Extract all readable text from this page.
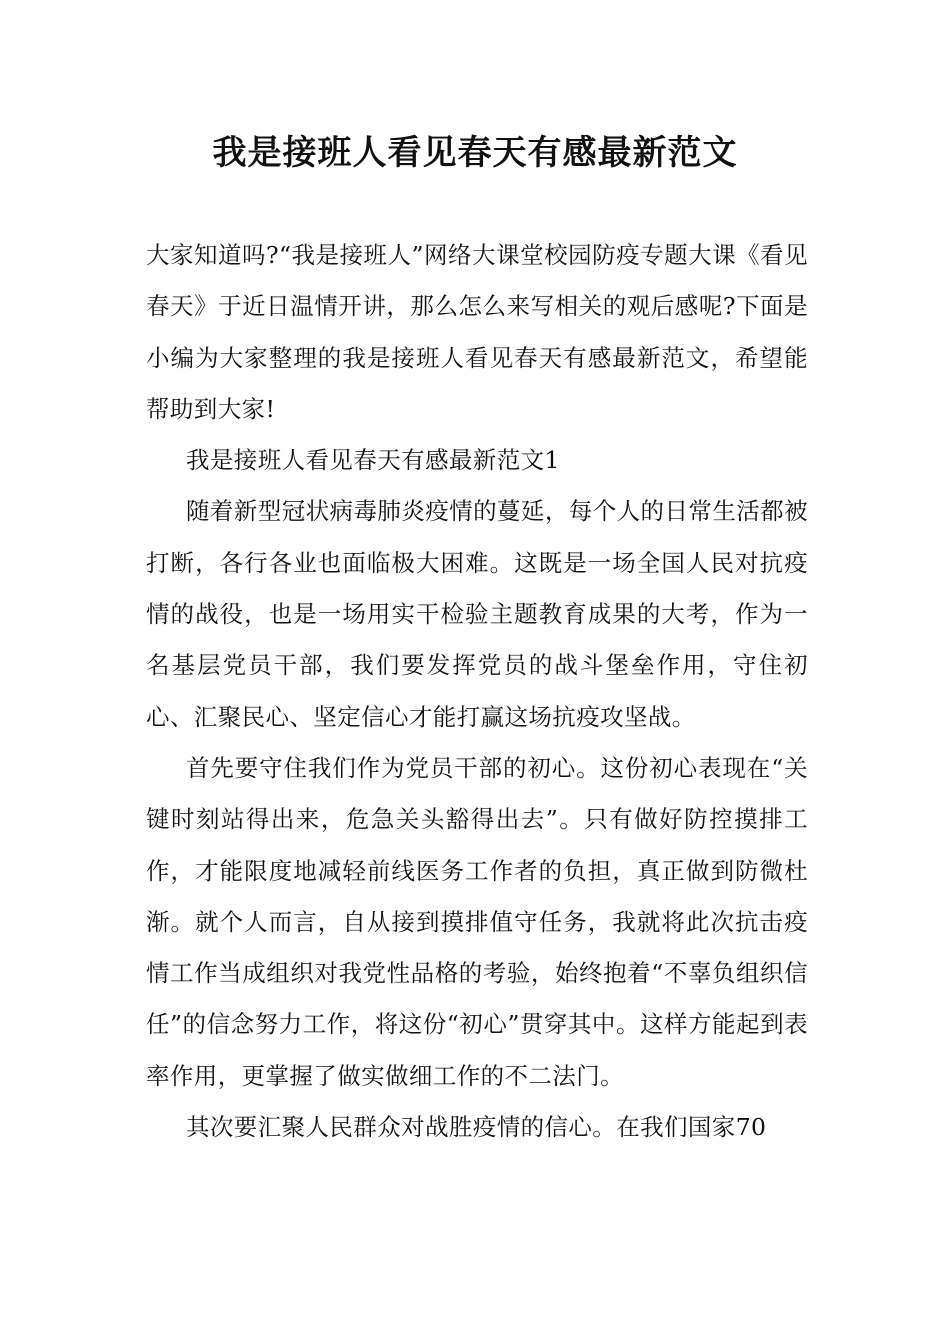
我是接班人看见春天有感最新范文

大家知道吗?“我是接班人”网络大课堂校园防疫专题大课《看见春天》于近日温情开讲，那么怎么来写相关的观后感呢?下面是小编为大家整理的我是接班人看见春天有感最新范文，希望能帮助到大家!

我是接班人看见春天有感最新范文1

随着新型冠状病毒肺炎疫情的蔓延，每个人的日常生活都被打断，各行各业也面临极大困难。这既是一场全国人民对抗疫情的战役，也是一场用实干检验主题教育成果的大考，作为一名基层党员干部，我们要发挥党员的战斗堡垒作用，守住初心、汇聚民心、坚定信心才能打赢这场抗疫攻坚战。

首先要守住我们作为党员干部的初心。这份初心表现在“关键时刻站得出来，危急关头豁得出去”。只有做好防控摸排工作，才能限度地减轻前线医务工作者的负担，真正做到防微杜渐。就个人而言，自从接到摸排值守任务，我就将此次抗击疫情工作当成组织对我党性品格的考验，始终抱着“不辜负组织信任”的信念努力工作，将这份“初心”贯穿其中。这样方能起到表率作用，更掌握了做实做细工作的不二法门。

其次要汇聚人民群众对战胜疫情的信心。在我们国家70
